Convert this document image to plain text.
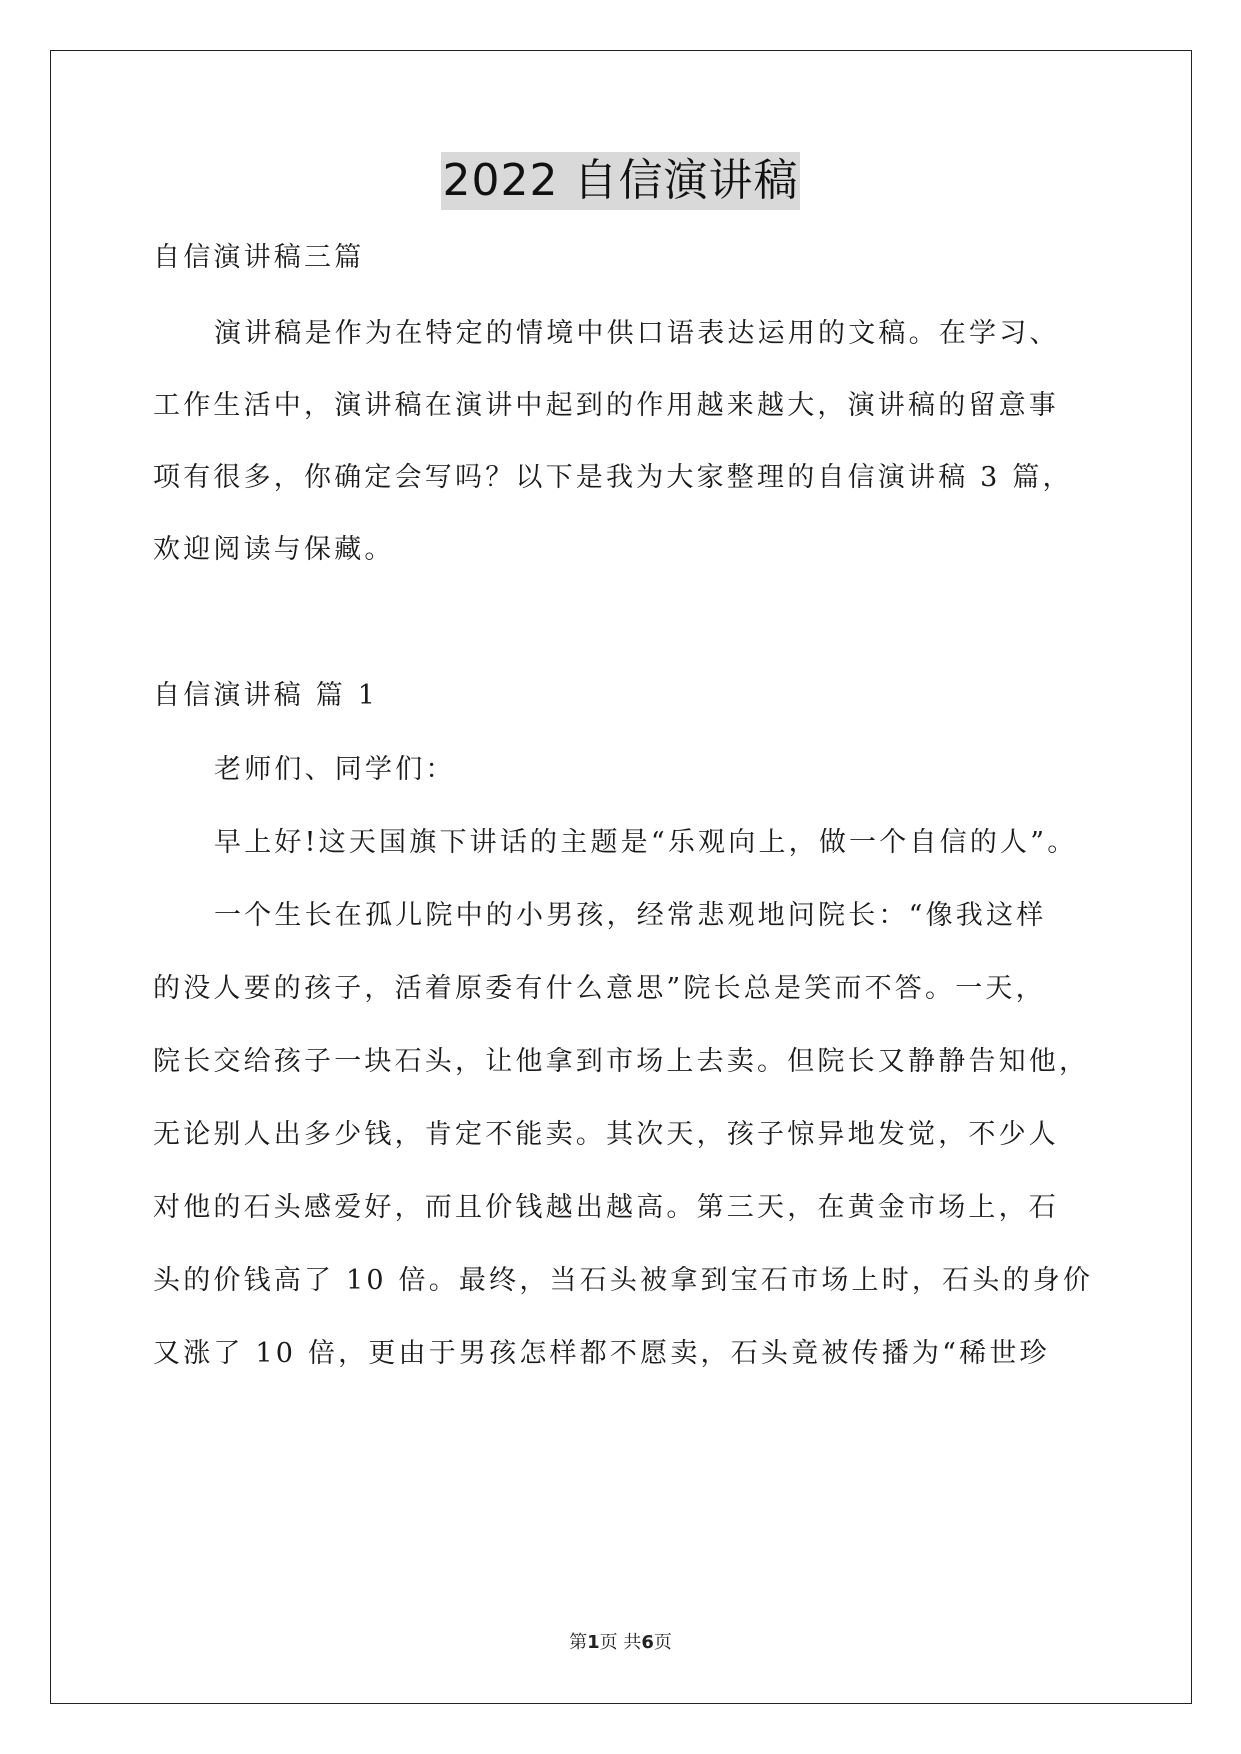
2022 自信演讲稿
自信演讲稿三篇
演讲稿是作为在特定的情境中供口语表达运用的文稿。在学习、
工作生活中，演讲稿在演讲中起到的作用越来越大，演讲稿的留意事
项有很多，你确定会写吗？以下是我为大家整理的自信演讲稿 3 篇，
欢迎阅读与保藏。
自信演讲稿 篇 1
老师们、同学们：
早上好!这天国旗下讲话的主题是“乐观向上，做一个自信的人”。
一个生长在孤儿院中的小男孩，经常悲观地问院长：“像我这样
的没人要的孩子，活着原委有什么意思”院长总是笑而不答。一天，
院长交给孩子一块石头，让他拿到市场上去卖。但院长又静静告知他，
无论别人出多少钱，肯定不能卖。其次天，孩子惊异地发觉，不少人
对他的石头感爱好，而且价钱越出越高。第三天，在黄金市场上，石
头的价钱高了 10 倍。最终，当石头被拿到宝石市场上时，石头的身价
又涨了 10 倍，更由于男孩怎样都不愿卖，石头竟被传播为“稀世珍
第1页 共6页
